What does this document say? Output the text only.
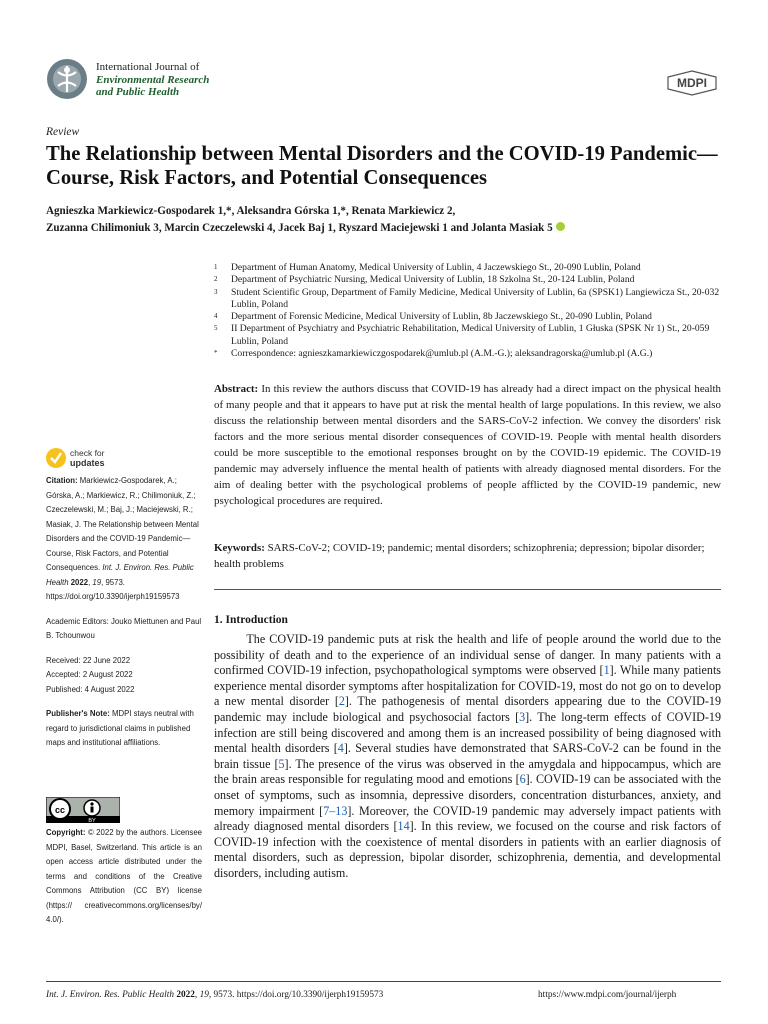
International Journal of
Environmental Research
and Public Health
MDPI
Review
The Relationship between Mental Disorders and the COVID-19 Pandemic—Course, Risk Factors, and Potential Consequences
Agnieszka Markiewicz-Gospodarek 1,*, Aleksandra Górska 1,*, Renata Markiewicz 2,
Zuzanna Chilimoniuk 3, Marcin Czeczelewski 4, Jacek Baj 1, Ryszard Maciejewski 1 and Jolanta Masiak 5
1	Department of Human Anatomy, Medical University of Lublin, 4 Jaczewskiego St., 20-090 Lublin, Poland
2	Department of Psychiatric Nursing, Medical University of Lublin, 18 Szkolna St., 20-124 Lublin, Poland
3	Student Scientific Group, Department of Family Medicine, Medical University of Lublin, 6a (SPSK1) Langiewicza St., 20-032 Lublin, Poland
4	Department of Forensic Medicine, Medical University of Lublin, 8b Jaczewskiego St., 20-090 Lublin, Poland
5	II Department of Psychiatry and Psychiatric Rehabilitation, Medical University of Lublin, 1 Głuska (SPSK Nr 1) St., 20-059 Lublin, Poland
*	Correspondence: agnieszkamarkiewiczgospodarek@umlub.pl (A.M.-G.); aleksandragorska@umlub.pl (A.G.)
Abstract: In this review the authors discuss that COVID-19 has already had a direct impact on the physical health of many people and that it appears to have put at risk the mental health of large populations. In this review, we also discuss the relationship between mental disorders and the SARS-CoV-2 infection. We convey the disorders' risk factors and the more serious mental disorder consequences of COVID-19. People with mental health disorders could be more susceptible to the emotional responses brought on by the COVID-19 epidemic. The COVID-19 pandemic may adversely influence the mental health of patients with already diagnosed mental disorders. For the aim of dealing better with the psychological problems of people afflicted by the COVID-19 pandemic, new psychological procedures are required.
Keywords: SARS-CoV-2; COVID-19; pandemic; mental disorders; schizophrenia; depression; bipolar disorder; health problems
1. Introduction
The COVID-19 pandemic puts at risk the health and life of people around the world due to the possibility of death and to the experience of an individual sense of danger. In many patients with a confirmed COVID-19 infection, psychopathological symptoms were observed [1]. While many patients experience mental disorder symptoms after hospitalization for COVID-19, most do not go on to develop a new mental disorder [2]. The pathogenesis of mental disorders appearing due to the COVID-19 pandemic may include biological and psychosocial factors [3]. The long-term effects of COVID-19 infection are still being discovered and among them is an increased possibility of being diagnosed with mental health disorders [4]. Several studies have demonstrated that SARS-CoV-2 can be found in the brain tissue [5]. The presence of the virus was observed in the amygdala and hippocampus, which are the brain areas responsible for regulating mood and emotions [6]. COVID-19 can be associated with the onset of symptoms, such as insomnia, depressive disorders, concentration disturbances, anxiety, and memory impairment [7–13]. Moreover, the COVID-19 pandemic may adversely impact patients with already diagnosed mental disorders [14]. In this review, we focused on the course and risk factors of COVID-19 infection with the coexistence of mental disorders in patients with an earlier diagnosis of mental disorders, such as depression, bipolar disorder, schizophrenia, dementia, and developmental disorders, including autism.
check for
updates

Citation: Markiewicz-Gospodarek, A.; Górska, A.; Markiewicz, R.; Chilimoniuk, Z.; Czeczelewski, M.; Baj, J.; Maciejewski, R.; Masiak, J. The Relationship between Mental Disorders and the COVID-19 Pandemic—Course, Risk Factors, and Potential Consequences. Int. J. Environ. Res. Public Health 2022, 19, 9573. https://doi.org/10.3390/ijerph19159573

Academic Editors: Jouko Miettunen and Paul B. Tchounwou

Received: 22 June 2022
Accepted: 2 August 2022
Published: 4 August 2022

Publisher's Note: MDPI stays neutral with regard to jurisdictional claims in published maps and institutional affiliations.

cc
BY
Copyright: © 2022 by the authors. Licensee MDPI, Basel, Switzerland. This article is an open access article distributed under the terms and conditions of the Creative Commons Attribution (CC BY) license (https:// creativecommons.org/licenses/by/ 4.0/).
Int. J. Environ. Res. Public Health 2022, 19, 9573. https://doi.org/10.3390/ijerph19159573	https://www.mdpi.com/journal/ijerph
